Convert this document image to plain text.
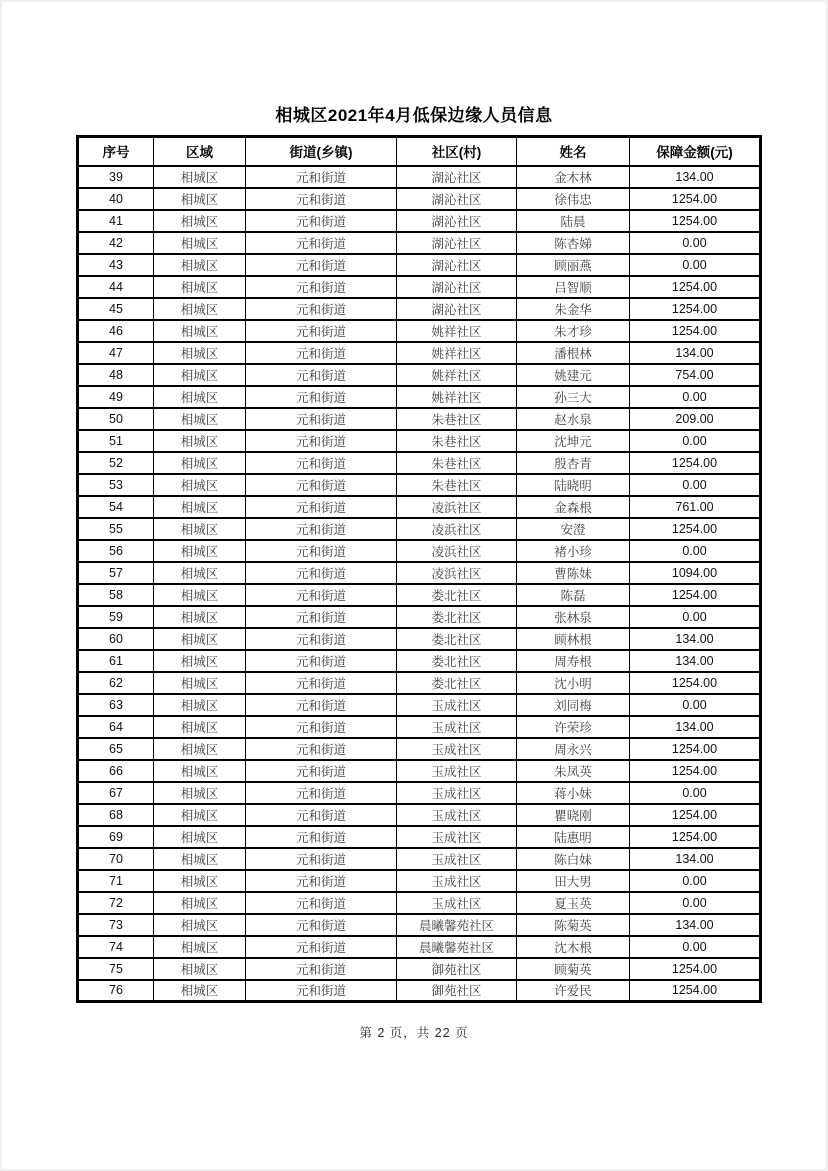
相城区2021年4月低保边缘人员信息
序号	区域	街道(乡镇)	社区(村)	姓名	保障金额(元)
39	相城区	元和街道	湖沁社区	金木林	134.00
40	相城区	元和街道	湖沁社区	徐伟忠	1254.00
41	相城区	元和街道	湖沁社区	陆晨	1254.00
42	相城区	元和街道	湖沁社区	陈杏娣	0.00
43	相城区	元和街道	湖沁社区	顾丽燕	0.00
44	相城区	元和街道	湖沁社区	吕智顺	1254.00
45	相城区	元和街道	湖沁社区	朱金华	1254.00
46	相城区	元和街道	姚祥社区	朱才珍	1254.00
47	相城区	元和街道	姚祥社区	潘根林	134.00
48	相城区	元和街道	姚祥社区	姚建元	754.00
49	相城区	元和街道	姚祥社区	孙三大	0.00
50	相城区	元和街道	朱巷社区	赵水泉	209.00
51	相城区	元和街道	朱巷社区	沈坤元	0.00
52	相城区	元和街道	朱巷社区	殷杏青	1254.00
53	相城区	元和街道	朱巷社区	陆晓明	0.00
54	相城区	元和街道	凌浜社区	金森根	761.00
55	相城区	元和街道	凌浜社区	安澄	1254.00
56	相城区	元和街道	凌浜社区	褚小珍	0.00
57	相城区	元和街道	凌浜社区	曹陈妹	1094.00
58	相城区	元和街道	娄北社区	陈磊	1254.00
59	相城区	元和街道	娄北社区	张林泉	0.00
60	相城区	元和街道	娄北社区	顾林根	134.00
61	相城区	元和街道	娄北社区	周寿根	134.00
62	相城区	元和街道	娄北社区	沈小明	1254.00
63	相城区	元和街道	玉成社区	刘同梅	0.00
64	相城区	元和街道	玉成社区	许荣珍	134.00
65	相城区	元和街道	玉成社区	周永兴	1254.00
66	相城区	元和街道	玉成社区	朱凤英	1254.00
67	相城区	元和街道	玉成社区	蒋小妹	0.00
68	相城区	元和街道	玉成社区	瞿晓刚	1254.00
69	相城区	元和街道	玉成社区	陆惠明	1254.00
70	相城区	元和街道	玉成社区	陈白妹	134.00
71	相城区	元和街道	玉成社区	田大男	0.00
72	相城区	元和街道	玉成社区	夏玉英	0.00
73	相城区	元和街道	晨曦馨苑社区	陈菊英	134.00
74	相城区	元和街道	晨曦馨苑社区	沈木根	0.00
75	相城区	元和街道	御苑社区	顾菊英	1254.00
76	相城区	元和街道	御苑社区	许爱民	1254.00
第 2 页，共 22 页
